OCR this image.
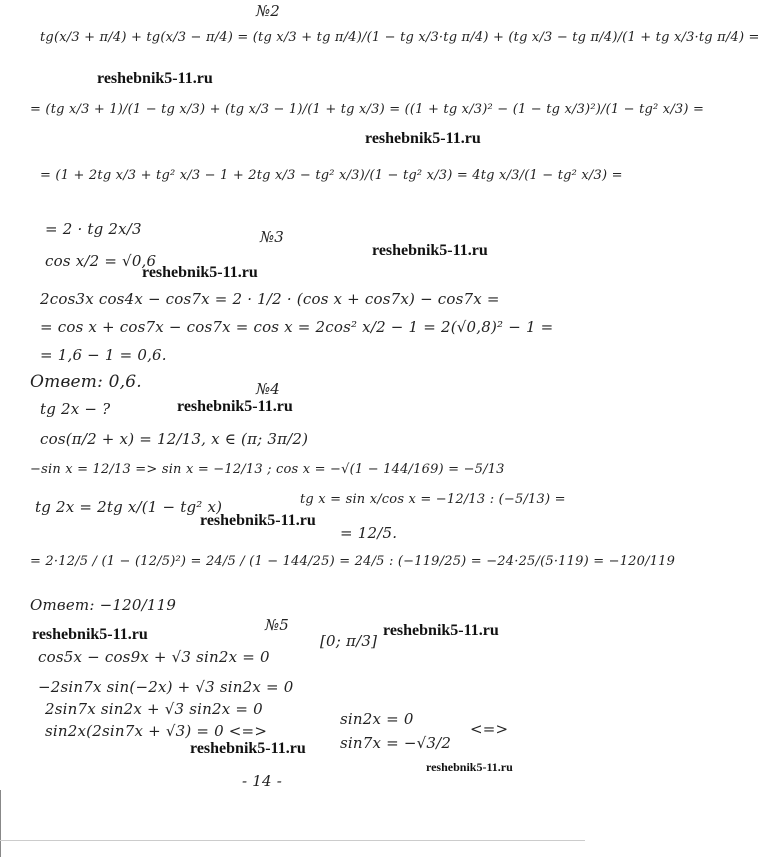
№2
tg(x/3 + π/4) + tg(x/3 − π/4) = (tg x/3 + tg π/4)/(1 − tg x/3·tg π/4) + (tg x/3 − tg π/4)/(1 + tg x/3·tg π/4) =
reshebnik5-11.ru
= (tg x/3 + 1)/(1 − tg x/3) + (tg x/3 − 1)/(1 + tg x/3) = ((1 + tg x/3)² − (1 − tg x/3)²)/(1 − tg² x/3) =
reshebnik5-11.ru
= (1 + 2tg x/3 + tg² x/3 − 1 + 2tg x/3 − tg² x/3)/(1 − tg² x/3) = 4tg x/3/(1 − tg² x/3) =
= 2 · tg 2x/3	№3
cos x/2 = √0,6
reshebnik5-11.ru
reshebnik5-11.ru
2cos3x cos4x − cos7x = 2 · 1/2 · (cos x + cos7x) − cos7x =
= cos x + cos7x − cos7x = cos x = 2cos² x/2 − 1 = 2(√0,8)² − 1 =
= 1,6 − 1 = 0,6.
Ответ: 0,6.	№4
tg 2x − ?	reshebnik5-11.ru
cos(π/2 + x) = 12/13, x ∈ (π; 3π/2)
−sin x = 12/13 => sin x = −12/13 ; cos x = −√(1 − 144/169) = −5/13
tg 2x = 2tg x/(1 − tg² x)	tg x = sin x/cos x = −12/13 : (−5/13) =
reshebnik5-11.ru
= 12/5.
= 2·12/5 / (1 − (12/5)²) = 24/5 / (1 − 144/25) = 24/5 : (−119/25) = −24·25/(5·119) = −120/119
Ответ: −120/119
reshebnik5-11.ru
№5	reshebnik5-11.ru
cos5x − cos9x + √3 sin2x = 0
[0; π/3]
−2sin7x sin(−2x) + √3 sin2x = 0
2sin7x sin2x + √3 sin2x = 0
sin2x(2sin7x + √3) = 0 <=>
sin2x = 0
sin7x = −√3/2
<=>
reshebnik5-11.ru
reshebnik5-11.ru
- 14 -
